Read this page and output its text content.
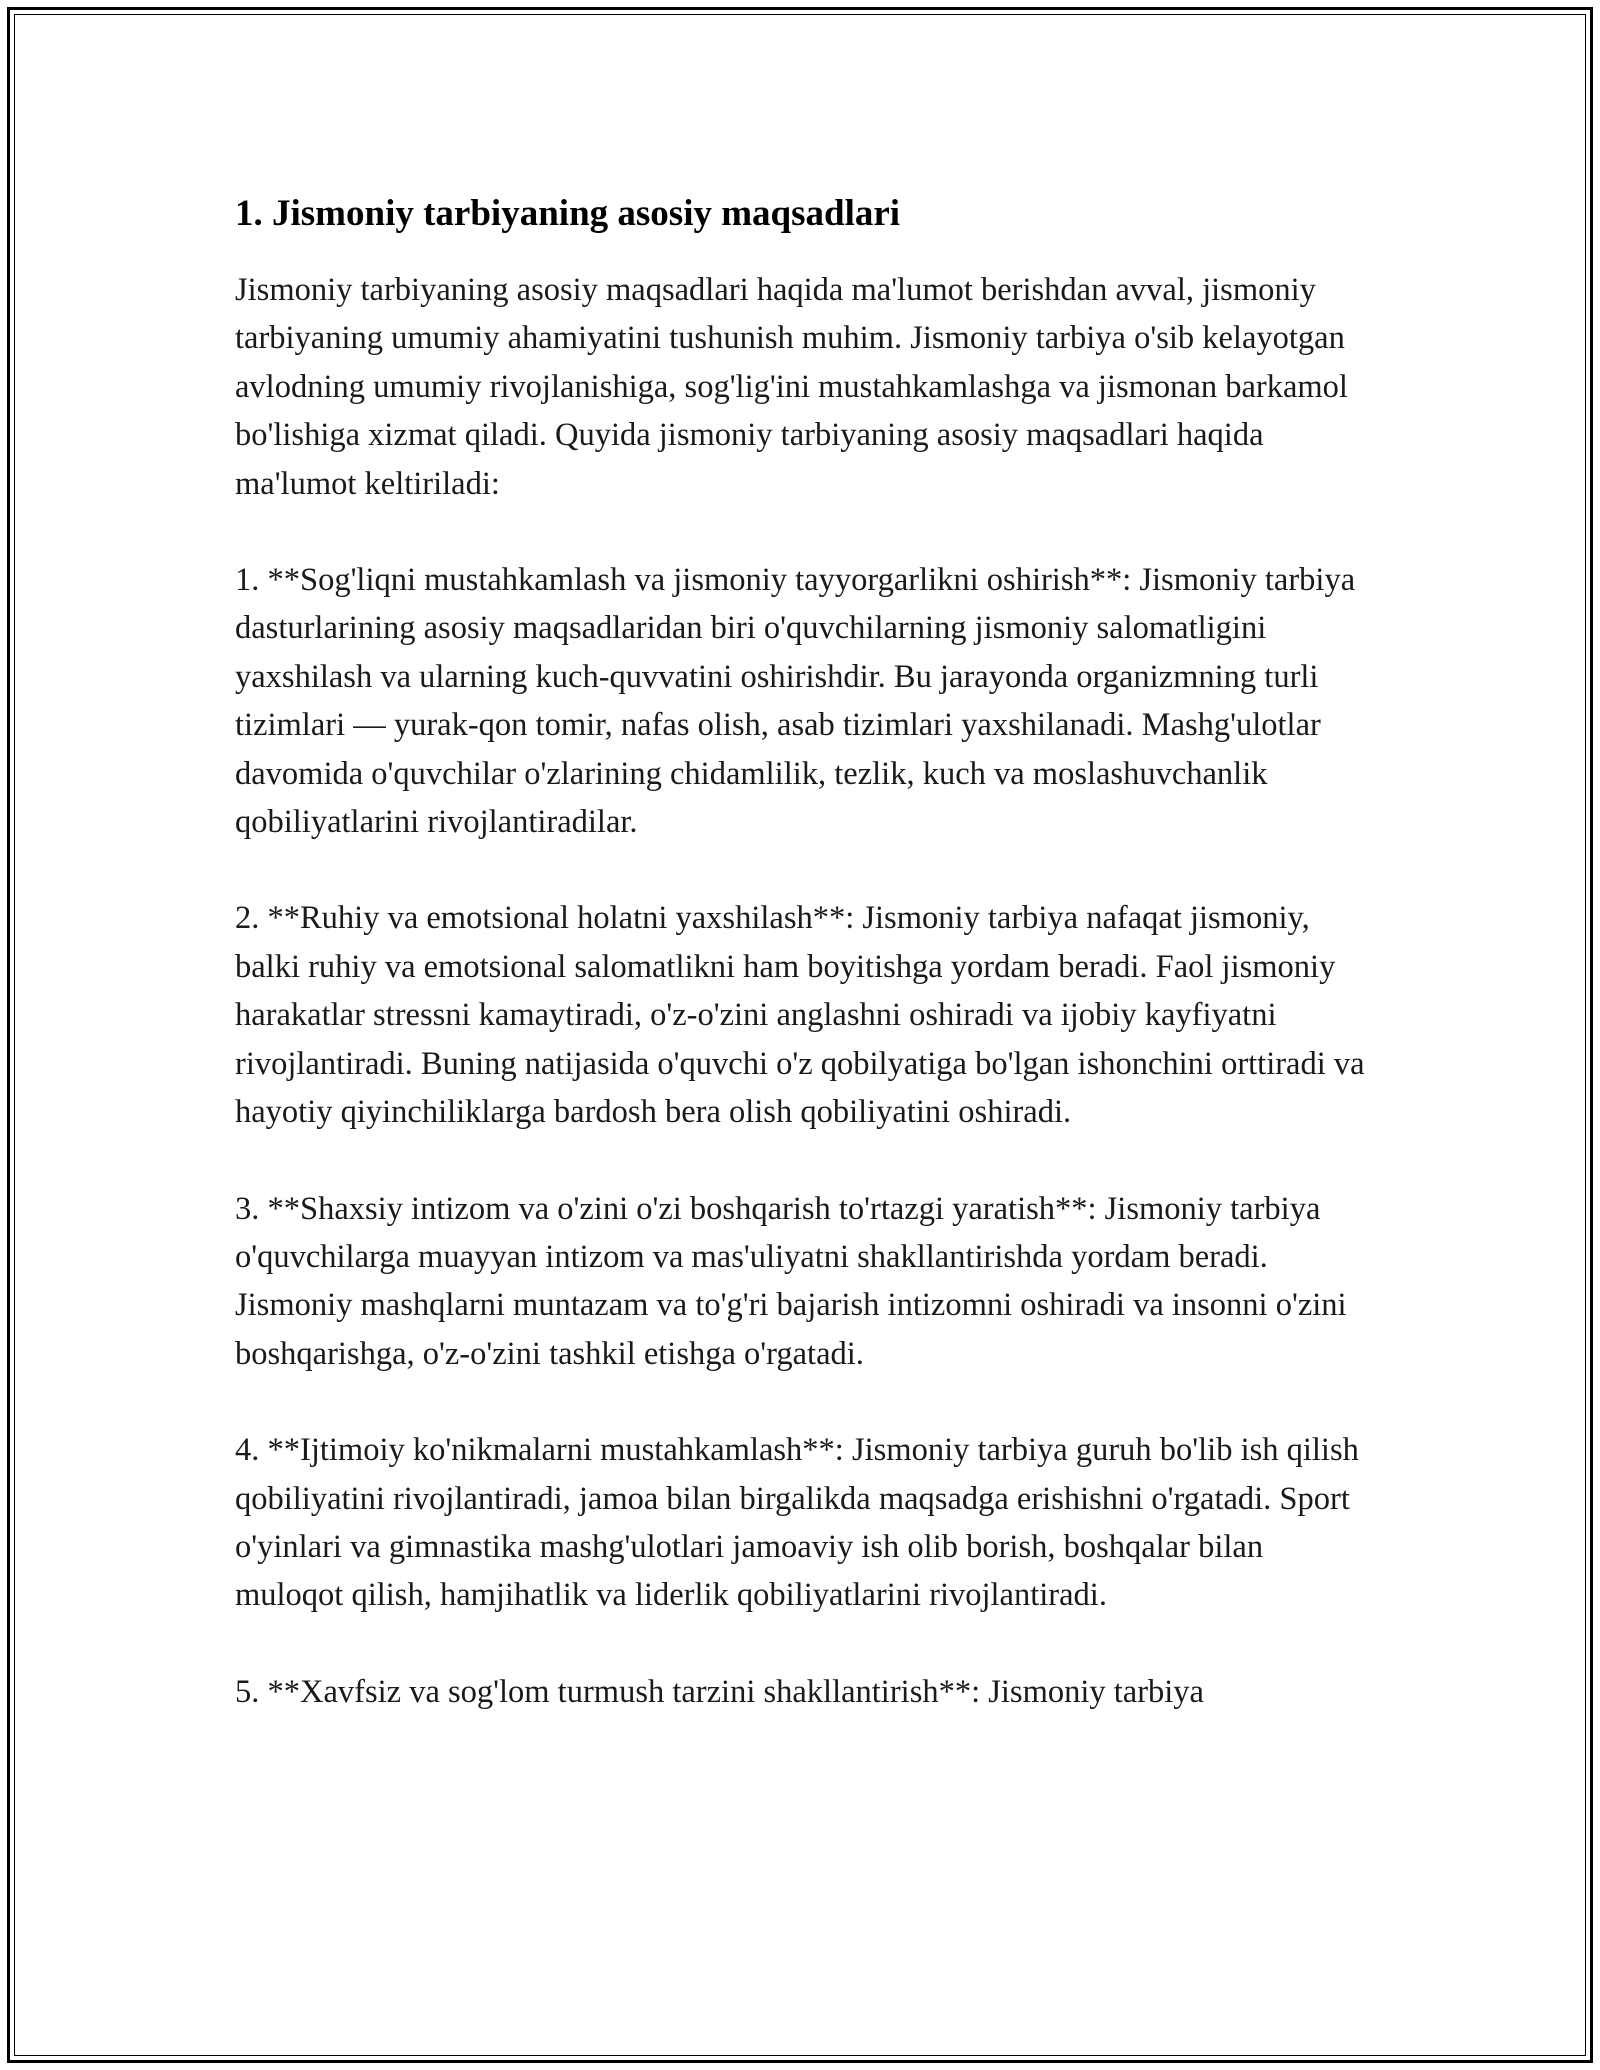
1. Jismoniy tarbiyaning asosiy maqsadlari

Jismoniy tarbiyaning asosiy maqsadlari haqida ma'lumot berishdan avval, jismoniy tarbiyaning umumiy ahamiyatini tushunish muhim. Jismoniy tarbiya o'sib kelayotgan avlodning umumiy rivojlanishiga, sog'lig'ini mustahkamlashga va jismonan barkamol bo'lishiga xizmat qiladi. Quyida jismoniy tarbiyaning asosiy maqsadlari haqida ma'lumot keltiriladi:

1. **Sog'liqni mustahkamlash va jismoniy tayyorgarlikni oshirish**: Jismoniy tarbiya dasturlarining asosiy maqsadlaridan biri o'quvchilarning jismoniy salomatligini yaxshilash va ularning kuch-quvvatini oshirishdir. Bu jarayonda organizmning turli tizimlari — yurak-qon tomir, nafas olish, asab tizimlari yaxshilanadi. Mashg'ulotlar davomida o'quvchilar o'zlarining chidamlilik, tezlik, kuch va moslashuvchanlik qobiliyatlarini rivojlantiradilar.

2. **Ruhiy va emotsional holatni yaxshilash**: Jismoniy tarbiya nafaqat jismoniy, balki ruhiy va emotsional salomatlikni ham boyitishga yordam beradi. Faol jismoniy harakatlar stressni kamaytiradi, o'z-o'zini anglashni oshiradi va ijobiy kayfiyatni rivojlantiradi. Buning natijasida o'quvchi o'z qobilyatiga bo'lgan ishonchini orttiradi va hayotiy qiyinchiliklarga bardosh bera olish qobiliyatini oshiradi.

3. **Shaxsiy intizom va o'zini o'zi boshqarish to'rtazgi yaratish**: Jismoniy tarbiya o'quvchilarga muayyan intizom va mas'uliyatni shakllantirishda yordam beradi. Jismoniy mashqlarni muntazam va to'g'ri bajarish intizomni oshiradi va insonni o'zini boshqarishga, o'z-o'zini tashkil etishga o'rgatadi.

4. **Ijtimoiy ko'nikmalarni mustahkamlash**: Jismoniy tarbiya guruh bo'lib ish qilish qobiliyatini rivojlantiradi, jamoa bilan birgalikda maqsadga erishishni o'rgatadi. Sport o'yinlari va gimnastika mashg'ulotlari jamoaviy ish olib borish, boshqalar bilan muloqot qilish, hamjihatlik va liderlik qobiliyatlarini rivojlantiradi.

5. **Xavfsiz va sog'lom turmush tarzini shakllantirish**: Jismoniy tarbiya
